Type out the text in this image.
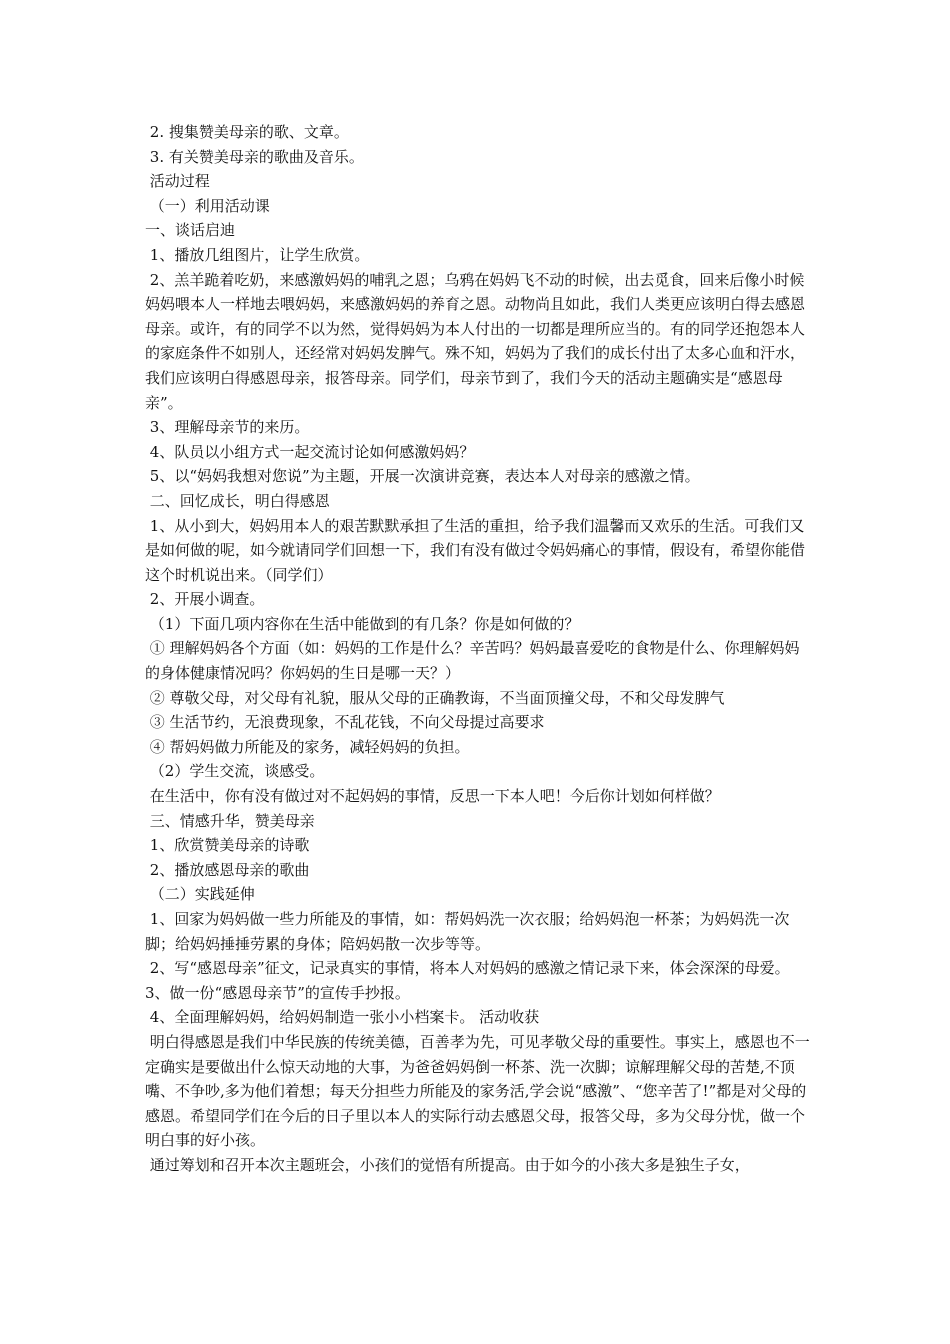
2. 搜集赞美母亲的歌、文章。

3. 有关赞美母亲的歌曲及音乐。

活动过程

（一）利用活动课

一、谈话启迪

1、播放几组图片，让学生欣赏。

2、羔羊跪着吃奶，来感激妈妈的哺乳之恩；乌鸦在妈妈飞不动的时候，出去觅食，回来后像小时候妈妈喂本人一样地去喂妈妈，来感激妈妈的养育之恩。动物尚且如此，我们人类更应该明白得去感恩母亲。或许，有的同学不以为然，觉得妈妈为本人付出的一切都是理所应当的。有的同学还抱怨本人的家庭条件不如别人，还经常对妈妈发脾气。殊不知，妈妈为了我们的成长付出了太多心血和汗水，我们应该明白得感恩母亲，报答母亲。同学们，母亲节到了，我们今天的活动主题确实是“感恩母亲”。

3、理解母亲节的来历。

4、队员以小组方式一起交流讨论如何感激妈妈？

5、以“妈妈我想对您说”为主题，开展一次演讲竞赛，表达本人对母亲的感激之情。

二、回忆成长，明白得感恩

1、从小到大，妈妈用本人的艰苦默默承担了生活的重担，给予我们温馨而又欢乐的生活。可我们又是如何做的呢，如今就请同学们回想一下，我们有没有做过令妈妈痛心的事情，假设有，希望你能借这个时机说出来。（同学们）

2、开展小调查。

（1）下面几项内容你在生活中能做到的有几条？你是如何做的？

① 理解妈妈各个方面（如：妈妈的工作是什么？辛苦吗？妈妈最喜爱吃的食物是什么、你理解妈妈的身体健康情况吗？你妈妈的生日是哪一天？）

② 尊敬父母，对父母有礼貌，服从父母的正确教诲，不当面顶撞父母，不和父母发脾气

③ 生活节约，无浪费现象，不乱花钱，不向父母提过高要求

④ 帮妈妈做力所能及的家务，减轻妈妈的负担。

（2）学生交流，谈感受。

在生活中，你有没有做过对不起妈妈的事情，反思一下本人吧！今后你计划如何样做？

三、情感升华，赞美母亲

1、欣赏赞美母亲的诗歌

2、播放感恩母亲的歌曲

（二）实践延伸

1、回家为妈妈做一些力所能及的事情，如：帮妈妈洗一次衣服；给妈妈泡一杯茶；为妈妈洗一次脚；给妈妈捶捶劳累的身体；陪妈妈散一次步等等。

2、写“感恩母亲”征文，记录真实的事情，将本人对妈妈的感激之情记录下来，体会深深的母爱。

3、做一份“感恩母亲节”的宣传手抄报。

4、全面理解妈妈，给妈妈制造一张小小档案卡。 活动收获

明白得感恩是我们中华民族的传统美德，百善孝为先，可见孝敬父母的重要性。事实上，感恩也不一定确实是要做出什么惊天动地的大事，为爸爸妈妈倒一杯茶、洗一次脚；谅解理解父母的苦楚,不顶嘴、不争吵,多为他们着想；每天分担些力所能及的家务活,学会说“感激”、“您辛苦了!”都是对父母的感恩。希望同学们在今后的日子里以本人的实际行动去感恩父母，报答父母，多为父母分忧，做一个明白事的好小孩。

通过筹划和召开本次主题班会，小孩们的觉悟有所提高。由于如今的小孩大多是独生子女，
